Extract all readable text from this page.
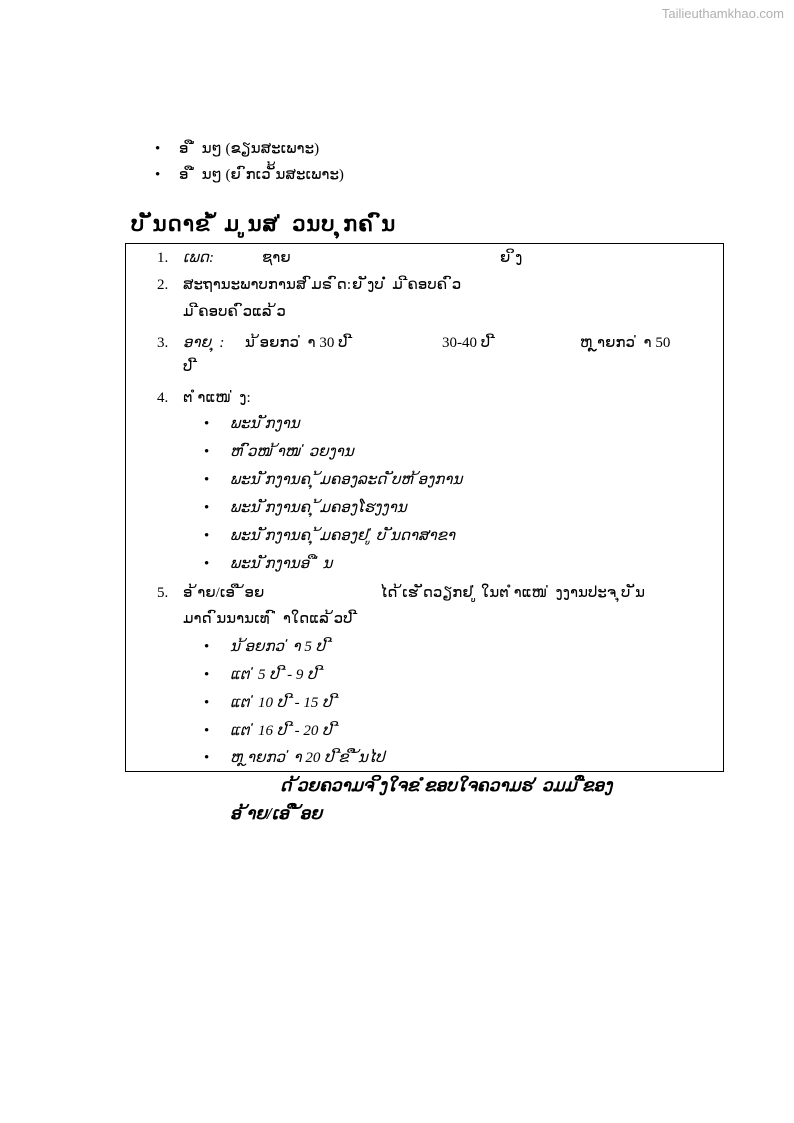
Tailieuthamkhao.com
• ອ ື ່ ນໆ (ຂຽນສະເພາະ)
• ອ ື ່ ນໆ (ຍ ົກເວ ັ້ນສະເພາະ)
ບ ັນດາຂ ໍ້ ມ ູນສ ່ ວນບ ຸກຄ ົນ
1. ເພດ:	ຊາຍ	ຍ ິງ
2. ສະຖານະພາບການສ ົມຣ ົດ: ຍ ັງບ ໍ່ ມ ີຄອບຄ ົວ
ມ ີຄອບຄ ົວແລ ້ວ
3. ອາຍ ຸ : ນ ້ອຍກວ ່ າ 30 ປ ີ	30-40 ປ ີ	ຫ ຼາຍກວ ່ າ 50
ປ ີ
4. ຕ ໍາແໜ ່ ງ:
• ພະນ ັກງານ
• ຫ ົວໜ ້າໜ ່ ວຍງານ
• ພະນ ັກງານຄ ຸ ້ມຄອງລະດ ັບຫ ້ອງການ
• ພະນ ັກງານຄ ຸ ້ມຄອງໂຮງງານ
• ພະນ ັກງານຄ ຸ ້ມຄອງຢ ູ່ ບ ັນດາສາຂາ
• ພະນ ັກງານອ ື ່ ນ
5. ອ ້າຍ/ເອ ື ້ອຍ	ໄດ ້ເຮ ັດວຽກຢ ູ່ ໃນຕ ໍາແໜ ່ ງງານປະຈ ຸບ ັນ
ມາດ ົນນານເທ ົ ່ າໃດແລ ້ວປ ີ
• ນ ້ອຍກວ ່ າ 5 ປ ີ
• ແຕ ່ 5 ປ ີ - 9 ປ ີ
• ແຕ ່ 10 ປ ີ - 15 ປ ີ
• ແຕ ່ 16 ປ ີ - 20 ປ ີ
• ຫ ຼາຍກວ ່ າ 20 ປ ີຂ ື ້ນໄປ
ດ ້ວຍຄວາມຈ ິງໃຈຂ ໍຂອບໃຈຄວາມຮ ່ ວມມ ືຂອງ
ອ ້າຍ/ເອ ື ້ອຍ
